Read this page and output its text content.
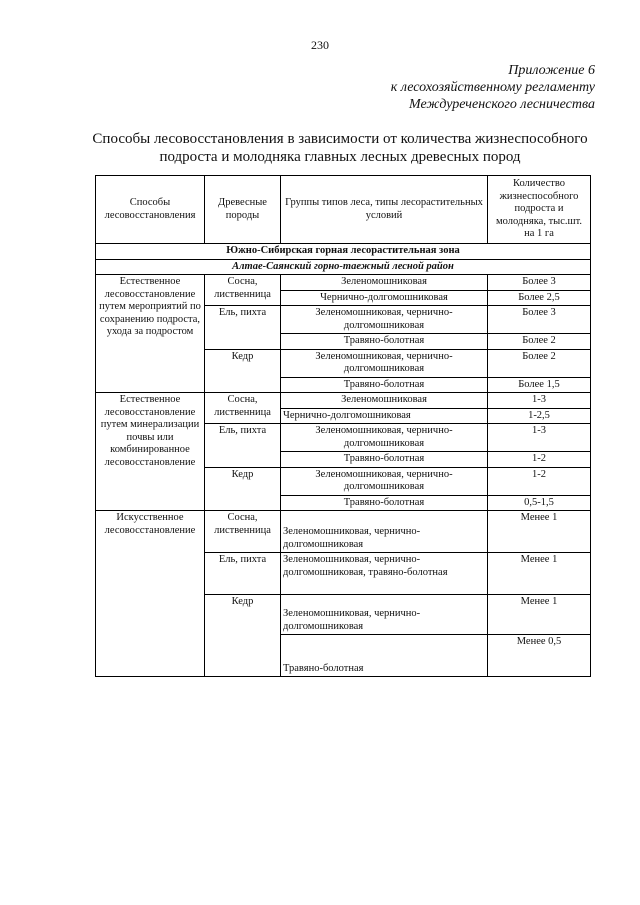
230
Приложение 6
к лесохозяйственному регламенту
Междуреченского лесничества
Способы лесовосстановления в зависимости от количества жизнеспособного
подроста и молодняка главных лесных древесных пород
Способы лесовосстановления	Древесные породы	Группы типов леса, типы лесорастительных условий	Количество жизнеспособного подроста и молодняка, тыс.шт. на 1 га
Южно-Сибирская горная лесорастительная зона			
Алтае-Саянский горно-таежный лесной район			
Естественное лесовосстановление путем мероприятий по сохранению подроста, ухода за подростом	Сосна, лиственница	Зеленомошниковая	Более 3
		Чернично-долгомошниковая	Более 2,5
	Ель, пихта	Зеленомошниковая, чернично-долгомошниковая	Более 3
		Травяно-болотная	Более 2
	Кедр	Зеленомошниковая, чернично-долгомошниковая	Более 2
		Травяно-болотная	Более 1,5
Естественное лесовосстановление путем минерализации почвы или комбинированное лесовосстановление	Сосна, лиственница	Зеленомошниковая	1-3
		Чернично-долгомошниковая	1-2,5
	Ель, пихта	Зеленомошниковая, чернично-долгомошниковая	1-3
		Травяно-болотная	1-2
	Кедр	Зеленомошниковая, чернично-долгомошниковая	1-2
		Травяно-болотная	0,5-1,5
Искусственное лесовосстановление	Сосна, лиственница	Зеленомошниковая, чернично-долгомошниковая	Менее 1
	Ель, пихта	Зеленомошниковая, чернично-долгомошниковая, травяно-болотная	Менее 1
	Кедр	Зеленомошниковая, чернично-долгомошниковая	Менее 1
		Травяно-болотная	Менее 0,5
